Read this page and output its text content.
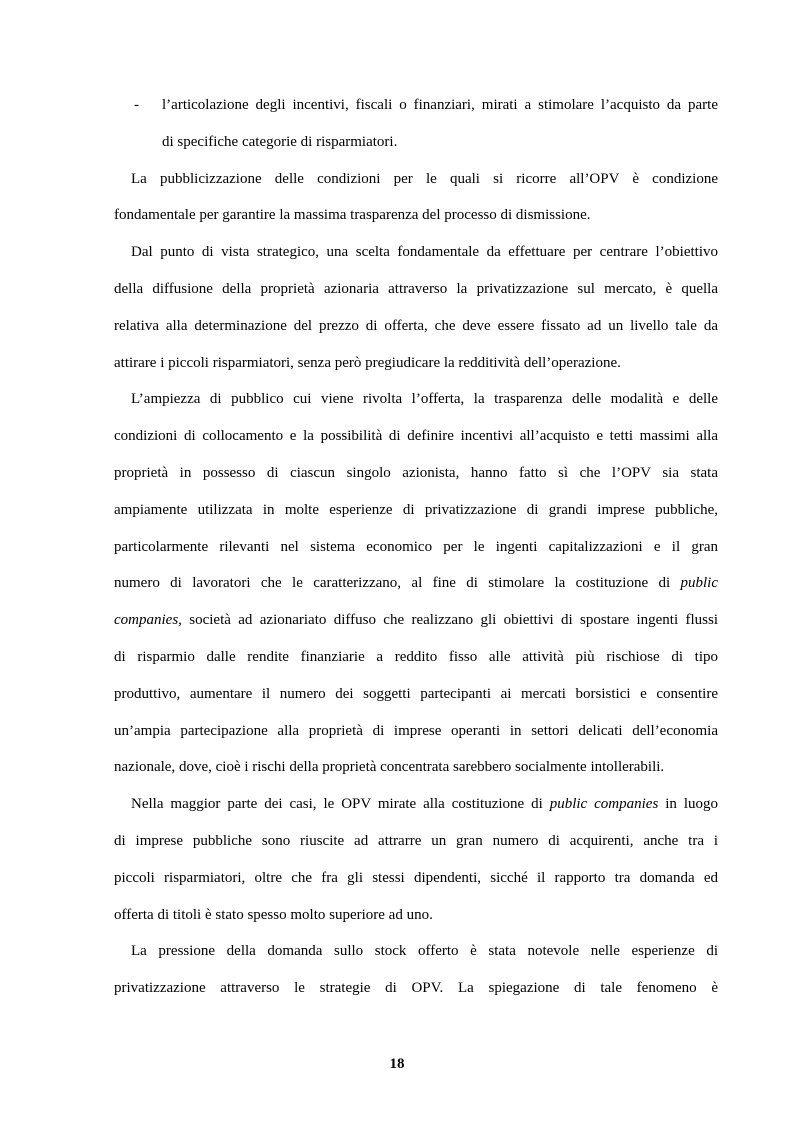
-	l’articolazione degli incentivi, fiscali o finanziari, mirati a stimolare l’acquisto da parte
di specifiche categorie di risparmiatori.
La pubblicizzazione delle condizioni per le quali si ricorre all’OPV è condizione
fondamentale per garantire la massima trasparenza del processo di dismissione.
Dal punto di vista strategico, una scelta fondamentale da effettuare per centrare l’obiettivo
della diffusione della proprietà azionaria attraverso la privatizzazione sul mercato, è quella
relativa alla determinazione del prezzo di offerta, che deve essere fissato ad un livello tale da
attirare i piccoli risparmiatori, senza però pregiudicare la redditività dell’operazione.
L’ampiezza di pubblico cui viene rivolta l’offerta, la trasparenza delle modalità e delle
condizioni di collocamento e la possibilità di definire incentivi all’acquisto e tetti massimi alla
proprietà in possesso di ciascun singolo azionista, hanno fatto sì che l’OPV sia stata
ampiamente utilizzata in molte esperienze di privatizzazione di grandi imprese pubbliche,
particolarmente rilevanti nel sistema economico per le ingenti capitalizzazioni e il gran
numero di lavoratori che le caratterizzano, al fine di stimolare la costituzione di public
companies, società ad azionariato diffuso che realizzano gli obiettivi di spostare ingenti flussi
di risparmio dalle rendite finanziarie a reddito fisso alle attività più rischiose di tipo
produttivo, aumentare il numero dei soggetti partecipanti ai mercati borsistici e consentire
un’ampia partecipazione alla proprietà di imprese operanti in settori delicati dell’economia
nazionale, dove, cioè i rischi della proprietà concentrata sarebbero socialmente intollerabili.
Nella maggior parte dei casi, le OPV mirate alla costituzione di public companies in luogo
di imprese pubbliche sono riuscite ad attrarre un gran numero di acquirenti, anche tra i
piccoli risparmiatori, oltre che fra gli stessi dipendenti, sicché il rapporto tra domanda ed
offerta di titoli è stato spesso molto superiore ad uno.
La pressione della domanda sullo stock offerto è stata notevole nelle esperienze di
privatizzazione attraverso le strategie di OPV. La spiegazione di tale fenomeno è
18
